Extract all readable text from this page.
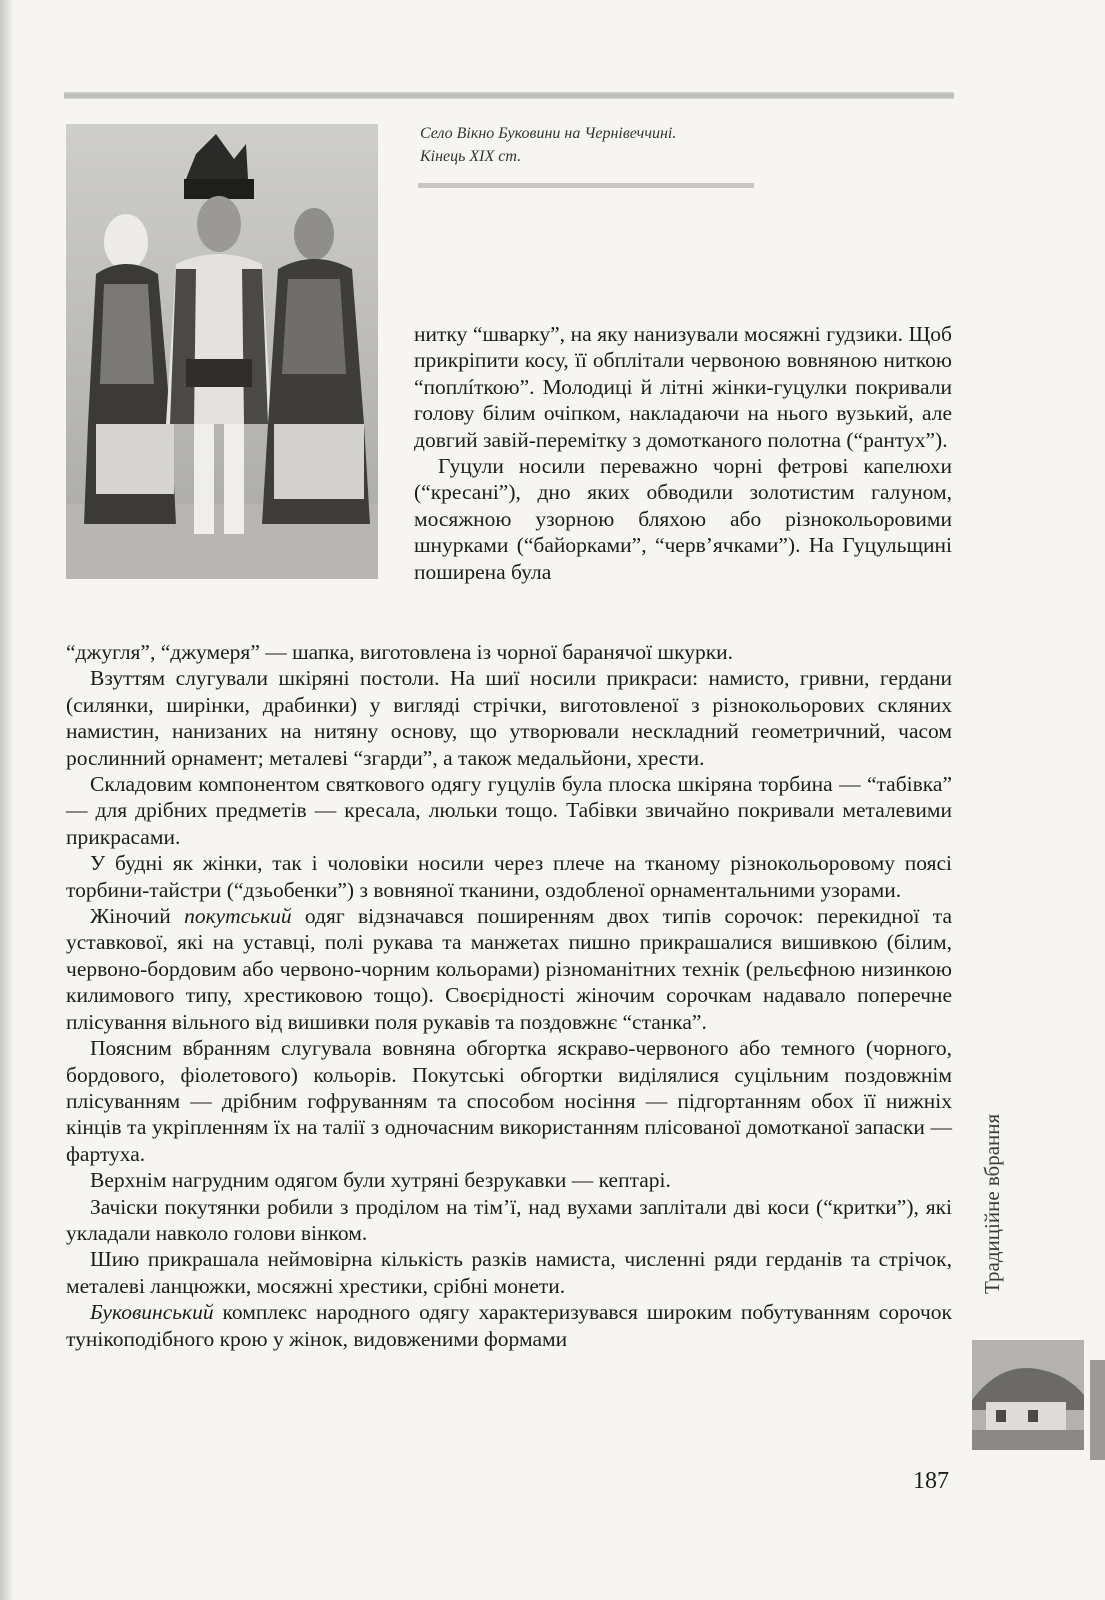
Село Вікно Буковини на Чернівеччині.

Кінець XIX ст.

нитку “шварку”, на яку нанизували мосяжні гудзики. Щоб прикріпити косу, її обплітали червоною вовняною ниткою “поплíткою”. Молодиці й літні жінки-гуцулки покривали голову білим очіпком, накладаючи на нього вузький, але довгий завій-перемітку з домотканого полотна (“рантух”).

Гуцули носили переважно чорні фетрові капелюхи (“кресані”), дно яких обводили золотистим галуном, мосяжною узорною бляхою або різнокольоровими шнурками (“байорками”, “черв’ячками”). На Гуцульщині поширена була

“джугля”, “джумеря” — шапка, виготовлена із чорної баранячої шкурки.

Взуттям слугували шкіряні постоли. На шиї носили прикраси: намисто, гривни, гердани (силянки, ширінки, драбинки) у вигляді стрічки, виготовленої з різнокольорових скляних намистин, нанизаних на нитяну основу, що утворювали нескладний геометричний, часом рослинний орнамент; металеві “згарди”, а також медальйони, хрести.

Складовим компонентом святкового одягу гуцулів була плоска шкіряна торбина — “табівка” — для дрібних предметів — кресала, люльки тощо. Табівки звичайно покривали металевими прикрасами.

У будні як жінки, так і чоловіки носили через плече на тканому різнокольоровому поясі торбини-тайстри (“дзьобенки”) з вовняної тканини, оздобленої орнаментальними узорами.

Жіночий покутський одяг відзначався поширенням двох типів сорочок: перекидної та уставкової, які на уставці, полі рукава та манжетах пишно прикрашалися вишивкою (білим, червоно-бордовим або червоно-чорним кольорами) різноманітних технік (рельєфною низинкою килимового типу, хрестиковою тощо). Своєрідності жіночим сорочкам надавало поперечне плісування вільного від вишивки поля рукавів та поздовжнє “станка”.

Поясним вбранням слугувала вовняна обгортка яскраво-червоного або темного (чорного, бордового, фіолетового) кольорів. Покутські обгортки виділялися суцільним поздовжнім плісуванням — дрібним гофруванням та способом носіння — підгортанням обох її нижніх кінців та укріпленням їх на талії з одночасним використанням плісованої домотканої запаски — фартуха.

Верхнім нагрудним одягом були хутряні безрукавки — кептарі.

Зачіски покутянки робили з проділом на тім’ї, над вухами заплітали дві коси (“критки”), які укладали навколо голови вінком.

Шию прикрашала неймовірна кількість разків намиста, численні ряди герданів та стрічок, металеві ланцюжки, мосяжні хрестики, срібні монети.

Буковинський комплекс народного одягу характеризувався широким побутуванням сорочок тунікоподібного крою у жінок, видовженими формами

Традиційне вбрання
187
